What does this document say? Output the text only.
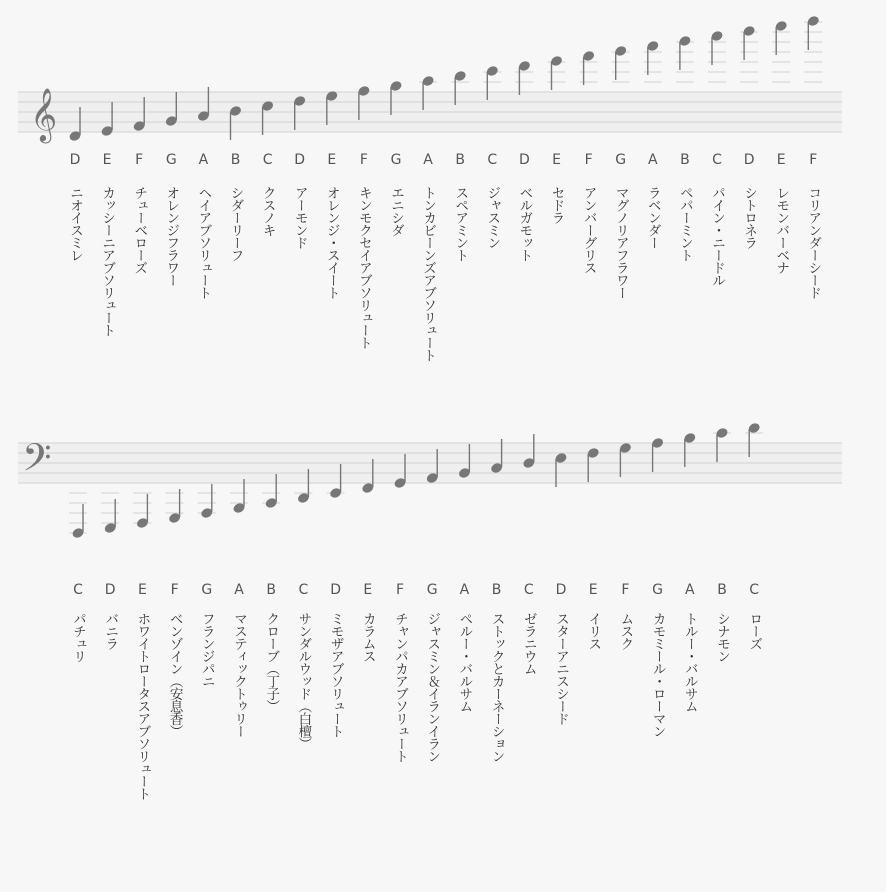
𝄞
𝄢
D
ニオイスミレ
E
カッシーニアブソリュート
F
チューベローズ
G
オレンジフラワー
A
ヘイアブソリュート
B
シダーリーフ
C
クスノキ
D
アーモンド
E
オレンジ・スイート
F
キンモクセイアブソリュート
G
エニシダ
A
トンカビーンズアブソリュート
B
スペアミント
C
ジャスミン
D
ベルガモット
E
セドラ
F
アンバーグリス
G
マグノリアフラワー
A
ラベンダー
B
ペパーミント
C
パイン・ニードル
D
シトロネラ
E
レモンバーベナ
F
コリアンダーシード
C
パチュリ
D
バニラ
E
ホワイトロータスアブソリュート
F
ベンゾイン（安息香）
G
フランジパニ
A
マスティックトゥリー
B
クローブ（丁子）
C
サンダルウッド（白檀）
D
ミモザアブソリュート
E
カラムス
F
チャンパカアブソリュート
G
ジャスミン＆イランイラン
A
ペルー・バルサム
B
ストックとカーネーション
C
ゼラニウム
D
スターアニスシード
E
イリス
F
ムスク
G
カモミール・ローマン
A
トルー・バルサム
B
シナモン
C
ローズ
